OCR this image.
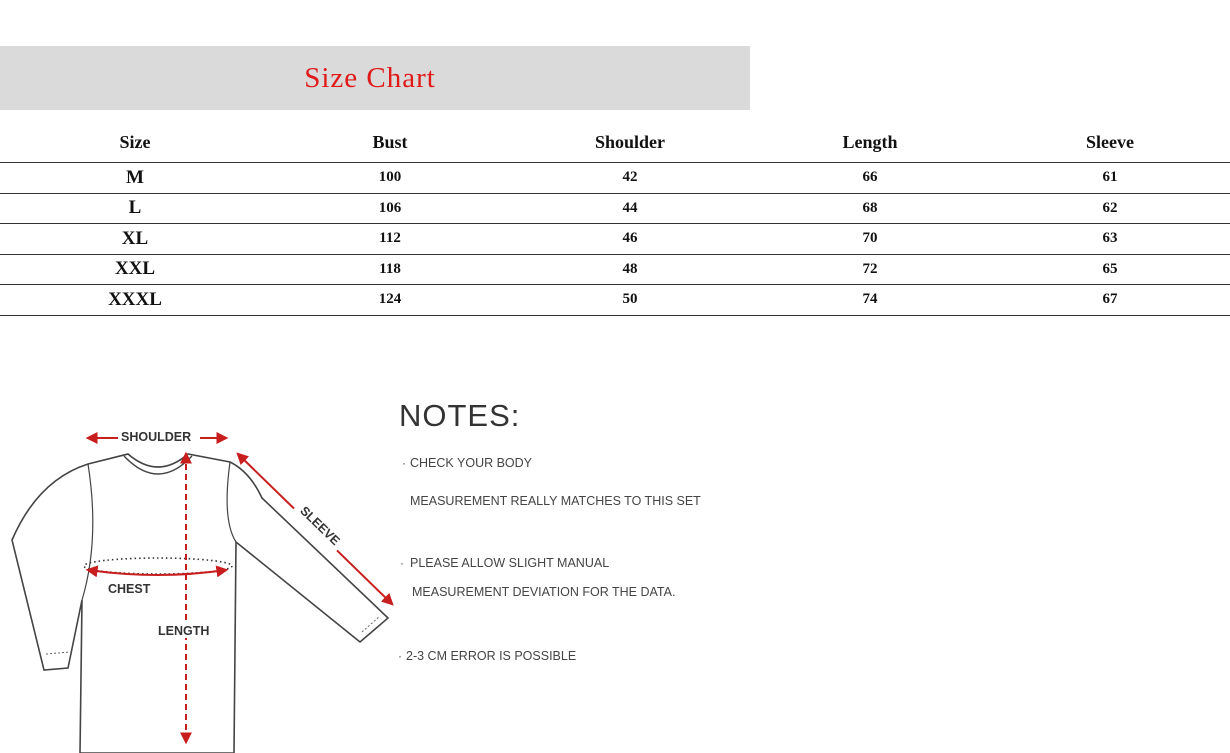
Size Chart
Size	Bust	Shoulder	Length	Sleeve
M	100	42	66	61
L	106	44	68	62
XL	112	46	70	63
XXL	118	48	72	65
XXXL	124	50	74	67
SHOULDER
SLEEVE
CHEST
LENGTH
NOTES:
· CHECK YOUR BODY
MEASUREMENT REALLY MATCHES TO THIS SET
· PLEASE ALLOW SLIGHT MANUAL
MEASUREMENT DEVIATION FOR THE DATA.
· 2-3 CM ERROR IS POSSIBLE
